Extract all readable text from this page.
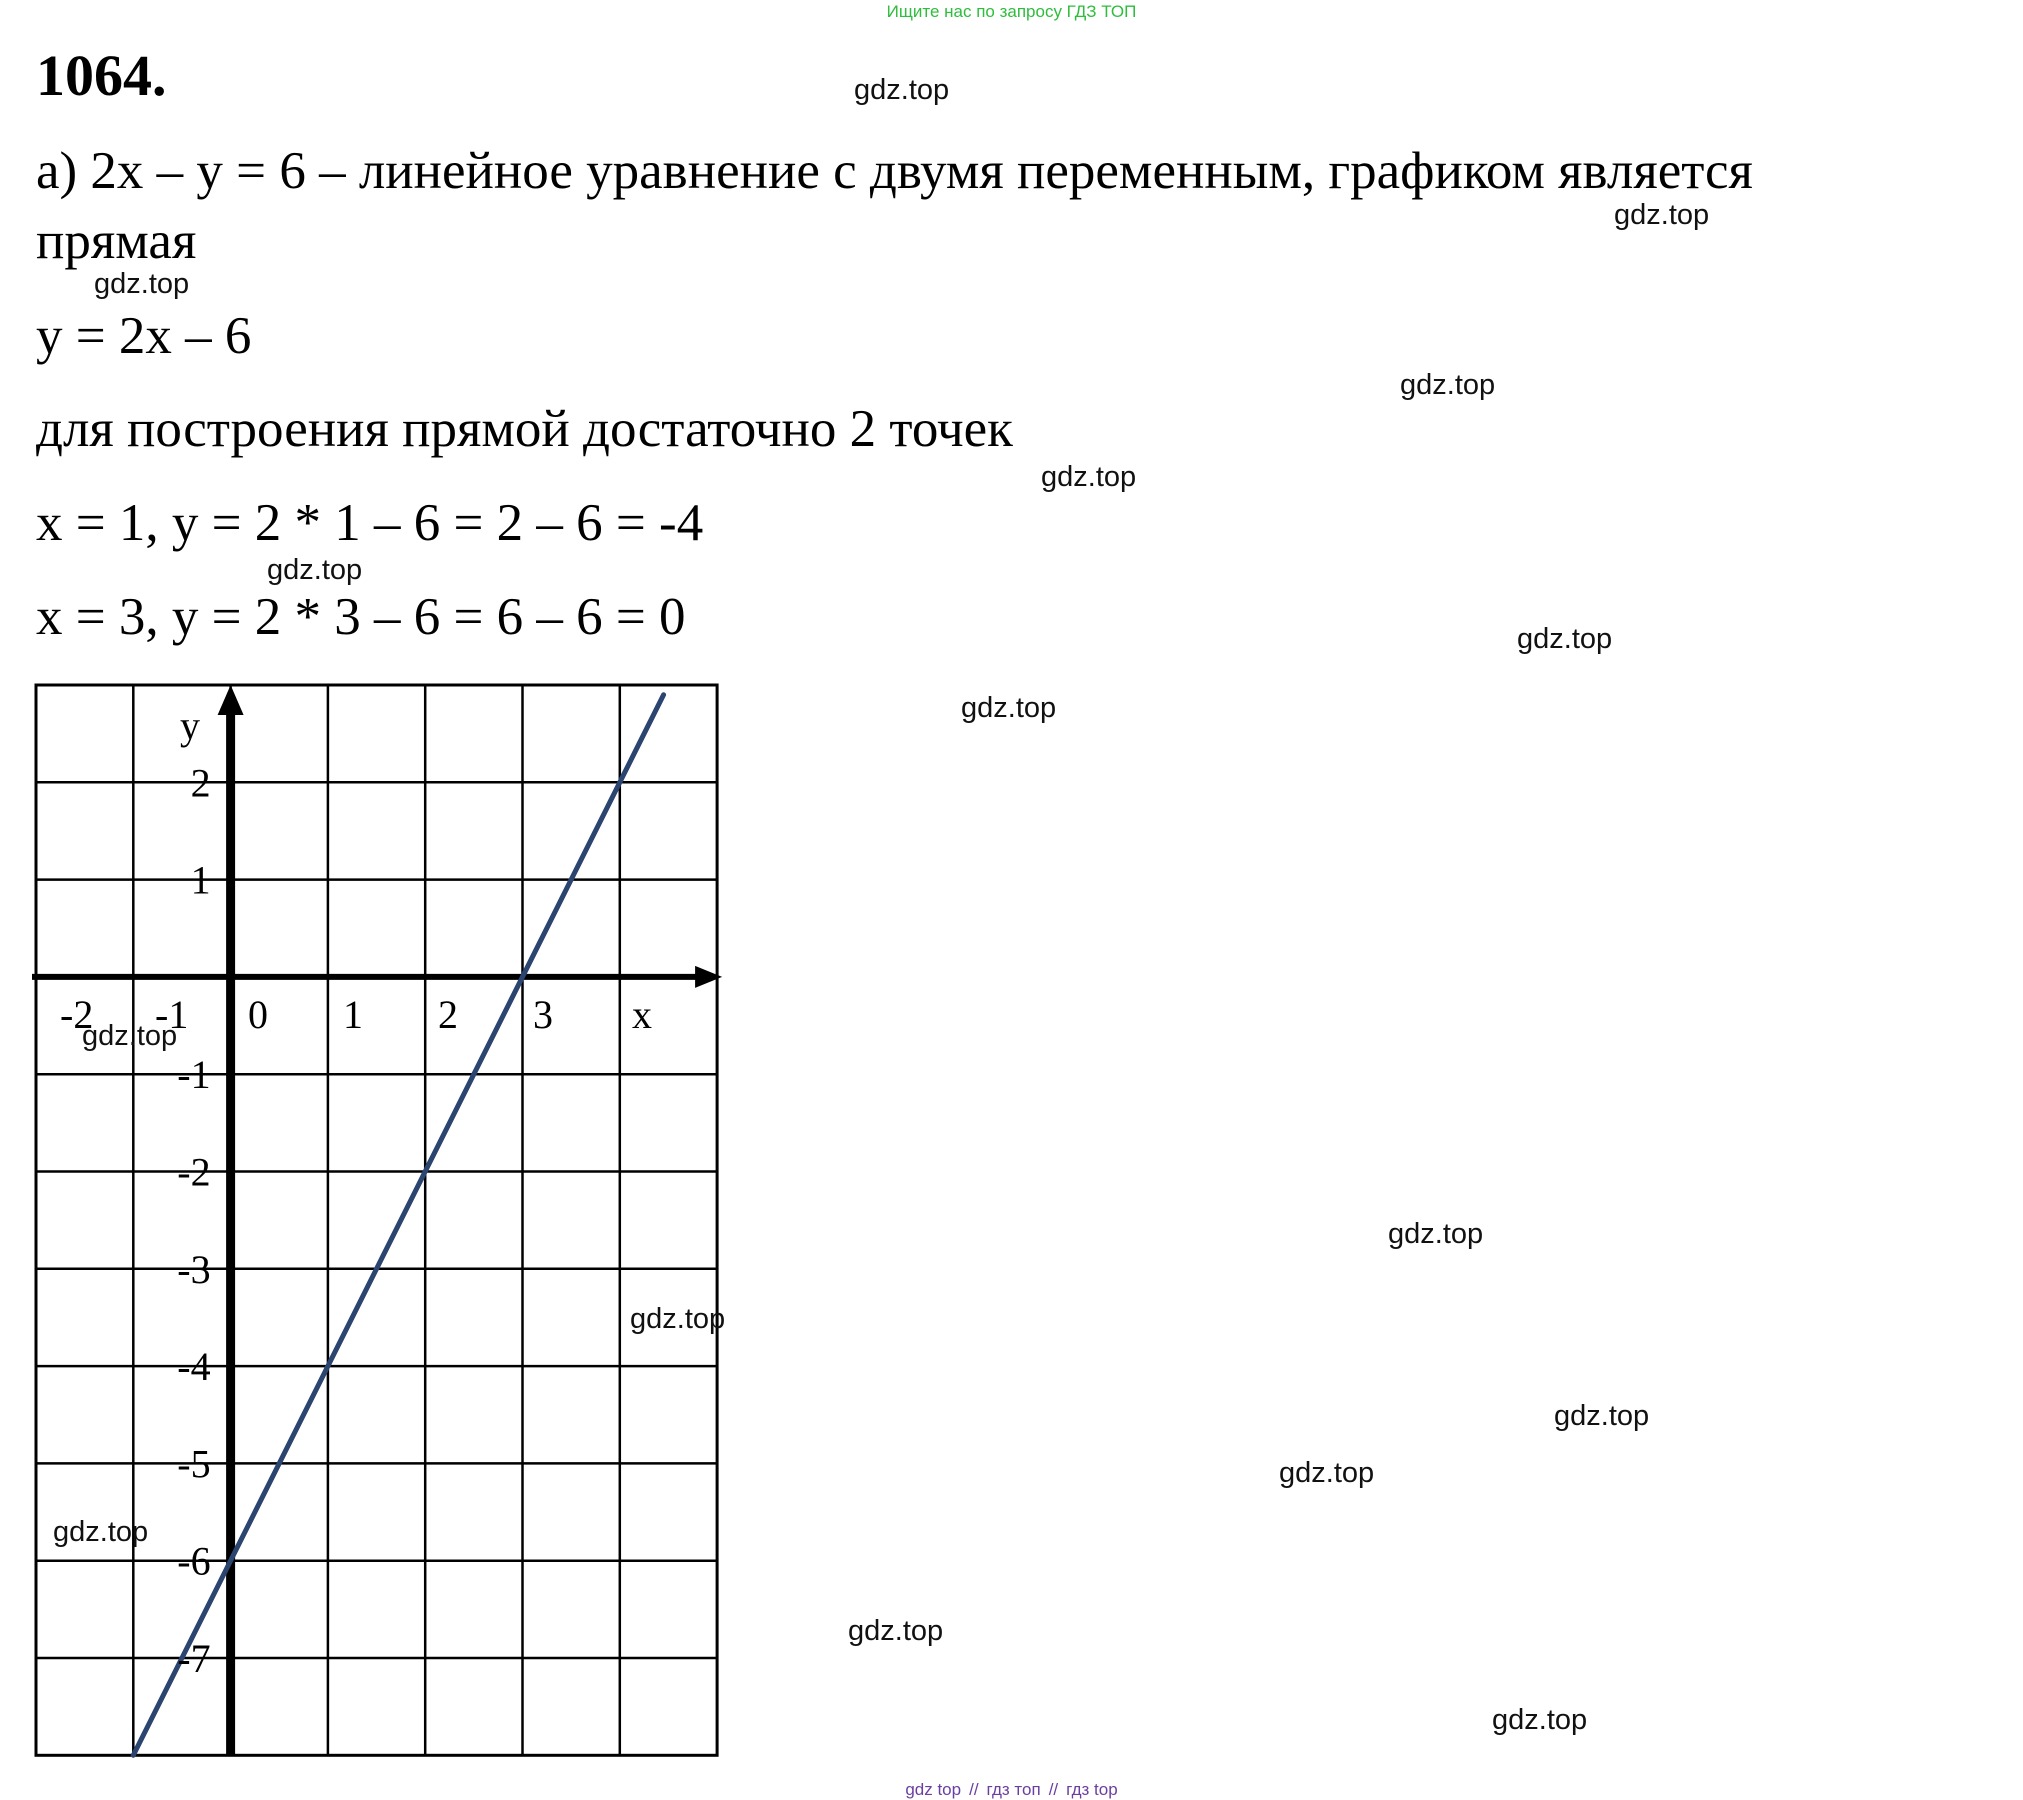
Ищите нас по запросу ГДЗ ТОП
1064.
а) 2x – y = 6 – линейное уравнение с двумя переменным, графиком является
прямая
y = 2x – 6
для построения прямой достаточно 2 точек
x = 1, y = 2 * 1 – 6 = 2 – 6 = -4
x = 3, y = 2 * 3 – 6 = 6 – 6 = 0
-2 -1 0 1 2 3 x
y
2
1
-1
-2
-3
-4
-5
-6
-7
gdz.top
gdz.top
gdz.top
gdz.top
gdz.top
gdz.top
gdz.top
gdz.top
gdz.top
gdz.top
gdz.top
gdz.top
gdz.top
gdz.top
gdz.top
gdz.top
gdz top // гдз топ // гдз top
